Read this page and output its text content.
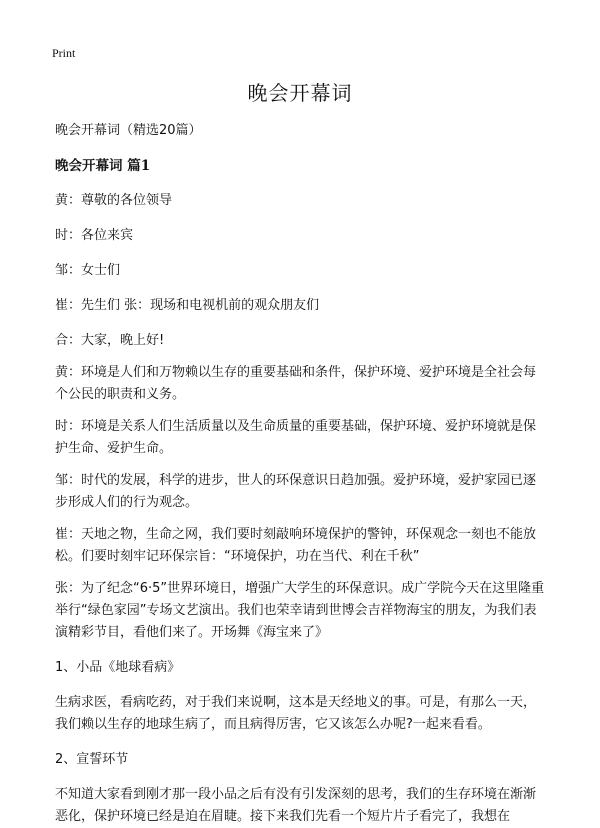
Print
晚会开幕词

晚会开幕词（精选20篇）

晚会开幕词 篇1

黄：尊敬的各位领导

时：各位来宾

邹：女士们

崔：先生们 张：现场和电视机前的观众朋友们

合：大家，晚上好!

黄：环境是人们和万物赖以生存的重要基础和条件，保护环境、爱护环境是全社会每个公民的职责和义务。

时：环境是关系人们生活质量以及生命质量的重要基础，保护环境、爱护环境就是保护生命、爱护生命。

邹：时代的发展，科学的进步，世人的环保意识日趋加强。爱护环境，爱护家园已逐步形成人们的行为观念。

崔：天地之物，生命之网，我们要时刻敲响环境保护的警钟，环保观念一刻也不能放松。们要时刻牢记环保宗旨：“环境保护，功在当代、利在千秋”

张：为了纪念“6·5”世界环境日，增强广大学生的环保意识。成广学院今天在这里隆重举行“绿色家园”专场文艺演出。我们也荣幸请到世博会吉祥物海宝的朋友，为我们表演精彩节目，看他们来了。开场舞《海宝来了》

1、小品《地球看病》

生病求医，看病吃药，对于我们来说啊，这本是天经地义的事。可是，有那么一天，我们赖以生存的地球生病了，而且病得厉害，它又该怎么办呢?一起来看看。

2、宣誓环节

不知道大家看到刚才那一段小品之后有没有引发深刻的思考，我们的生存环境在渐渐恶化，保护环境已经是迫在眉睫。接下来我们先看一个短片片子看完了，我想在
